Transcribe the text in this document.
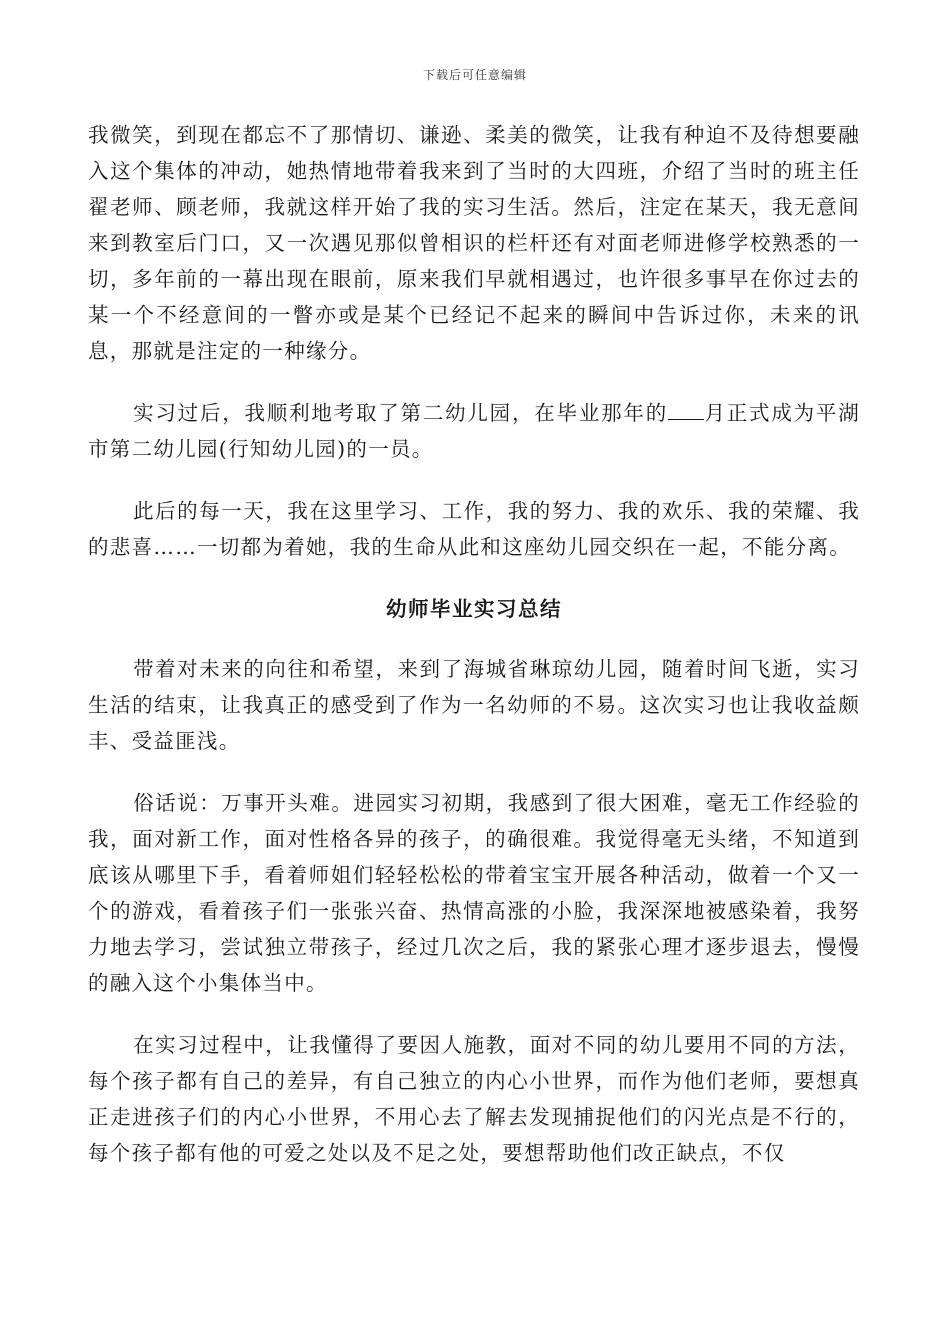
下载后可任意编辑

我微笑，到现在都忘不了那情切、谦逊、柔美的微笑，让我有种迫不及待想要融入这个集体的冲动，她热情地带着我来到了当时的大四班，介绍了当时的班主任翟老师、顾老师，我就这样开始了我的实习生活。然后，注定在某天，我无意间来到教室后门口，又一次遇见那似曾相识的栏杆还有对面老师进修学校熟悉的一切，多年前的一幕出现在眼前，原来我们早就相遇过，也许很多事早在你过去的某一个不经意间的一瞥亦或是某个已经记不起来的瞬间中告诉过你，未来的讯息，那就是注定的一种缘分。

实习过后，我顺利地考取了第二幼儿园，在毕业那年的 月正式成为平湖市第二幼儿园(行知幼儿园)的一员。

此后的每一天，我在这里学习、工作，我的努力、我的欢乐、我的荣耀、我的悲喜……一切都为着她，我的生命从此和这座幼儿园交织在一起，不能分离。

幼师毕业实习总结

带着对未来的向往和希望，来到了海城省琳琼幼儿园，随着时间飞逝，实习生活的结束，让我真正的感受到了作为一名幼师的不易。这次实习也让我收益颇丰、受益匪浅。

俗话说：万事开头难。进园实习初期，我感到了很大困难，毫无工作经验的我，面对新工作，面对性格各异的孩子，的确很难。我觉得毫无头绪，不知道到底该从哪里下手，看着师姐们轻轻松松的带着宝宝开展各种活动，做着一个又一个的游戏，看着孩子们一张张兴奋、热情高涨的小脸，我深深地被感染着，我努力地去学习，尝试独立带孩子，经过几次之后，我的紧张心理才逐步退去，慢慢的融入这个小集体当中。

在实习过程中，让我懂得了要因人施教，面对不同的幼儿要用不同的方法，每个孩子都有自己的差异，有自己独立的内心小世界，而作为他们老师，要想真正走进孩子们的内心小世界，不用心去了解去发现捕捉他们的闪光点是不行的，每个孩子都有他的可爱之处以及不足之处，要想帮助他们改正缺点，不仅
